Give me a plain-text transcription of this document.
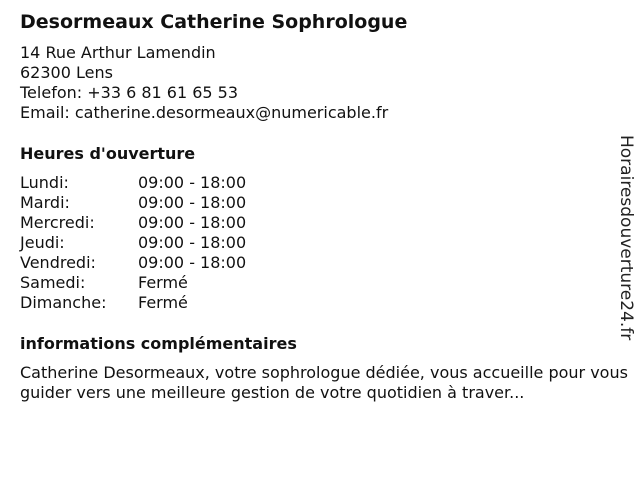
Desormeaux Catherine Sophrologue
14 Rue Arthur Lamendin
62300 Lens
Telefon: +33 6 81 61 65 53
Email: catherine.desormeaux@numericable.fr
Heures d'ouverture
Lundi:	09:00 - 18:00
Mardi:	09:00 - 18:00
Mercredi:	09:00 - 18:00
Jeudi:	09:00 - 18:00
Vendredi:	09:00 - 18:00
Samedi:	Fermé
Dimanche: Fermé
informations complémentaires

Catherine Desormeaux, votre sophrologue dédiée, vous accueille pour vous guider vers une meilleure gestion de votre quotidien à traver...

Horairesdouverture24.fr
